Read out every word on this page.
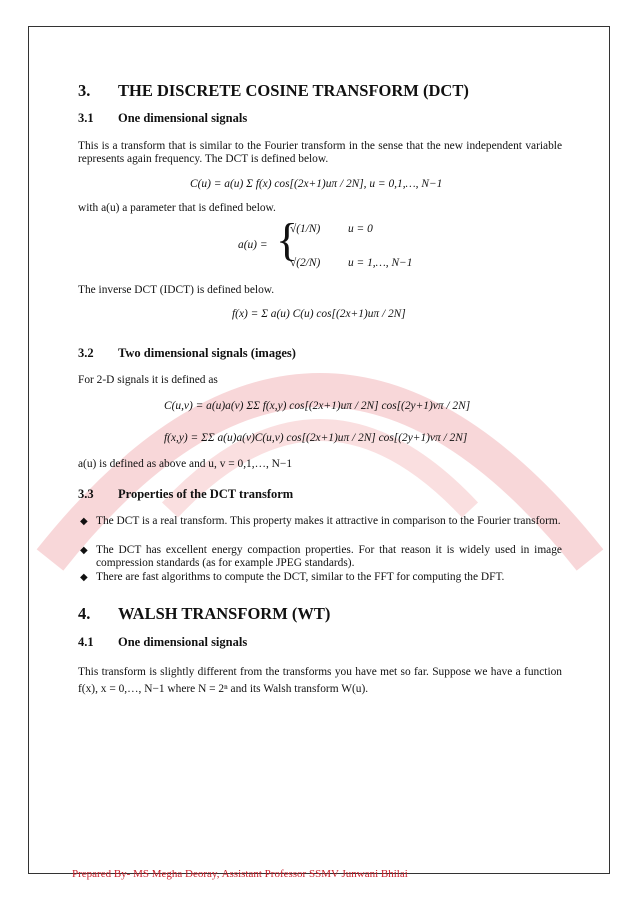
3. THE DISCRETE COSINE TRANSFORM (DCT)
3.1 One dimensional signals
This is a transform that is similar to the Fourier transform in the sense that the new independent variable represents again frequency. The DCT is defined below.
C(u) = a(u) Σ f(x) cos[(2x+1)uπ / 2N], u = 0,1,…, N−1
with a(u) a parameter that is defined below.
a(u) = {
√(1/N) u = 0
√(2/N) u = 1,…, N−1
The inverse DCT (IDCT) is defined below.
f(x) = Σ a(u) C(u) cos[(2x+1)uπ / 2N]
3.2 Two dimensional signals (images)
For 2-D signals it is defined as
C(u,v) = a(u)a(v) ΣΣ f(x,y) cos[(2x+1)uπ / 2N] cos[(2y+1)vπ / 2N]
f(x,y) = ΣΣ a(u)a(v)C(u,v) cos[(2x+1)uπ / 2N] cos[(2y+1)vπ / 2N]
a(u) is defined as above and u, v = 0,1,…, N−1
3.3 Properties of the DCT transform
◆ The DCT is a real transform. This property makes it attractive in comparison to the Fourier transform.
◆ The DCT has excellent energy compaction properties. For that reason it is widely used in image compression standards (as for example JPEG standards).
◆ There are fast algorithms to compute the DCT, similar to the FFT for computing the DFT.
4. WALSH TRANSFORM (WT)
4.1 One dimensional signals
This transform is slightly different from the transforms you have met so far. Suppose we have a function f(x), x = 0,…, N−1 where N = 2ⁿ and its Walsh transform W(u).
Prepared By- MS Megha Deoray, Assistant Professor SSMV Junwani Bhilai
